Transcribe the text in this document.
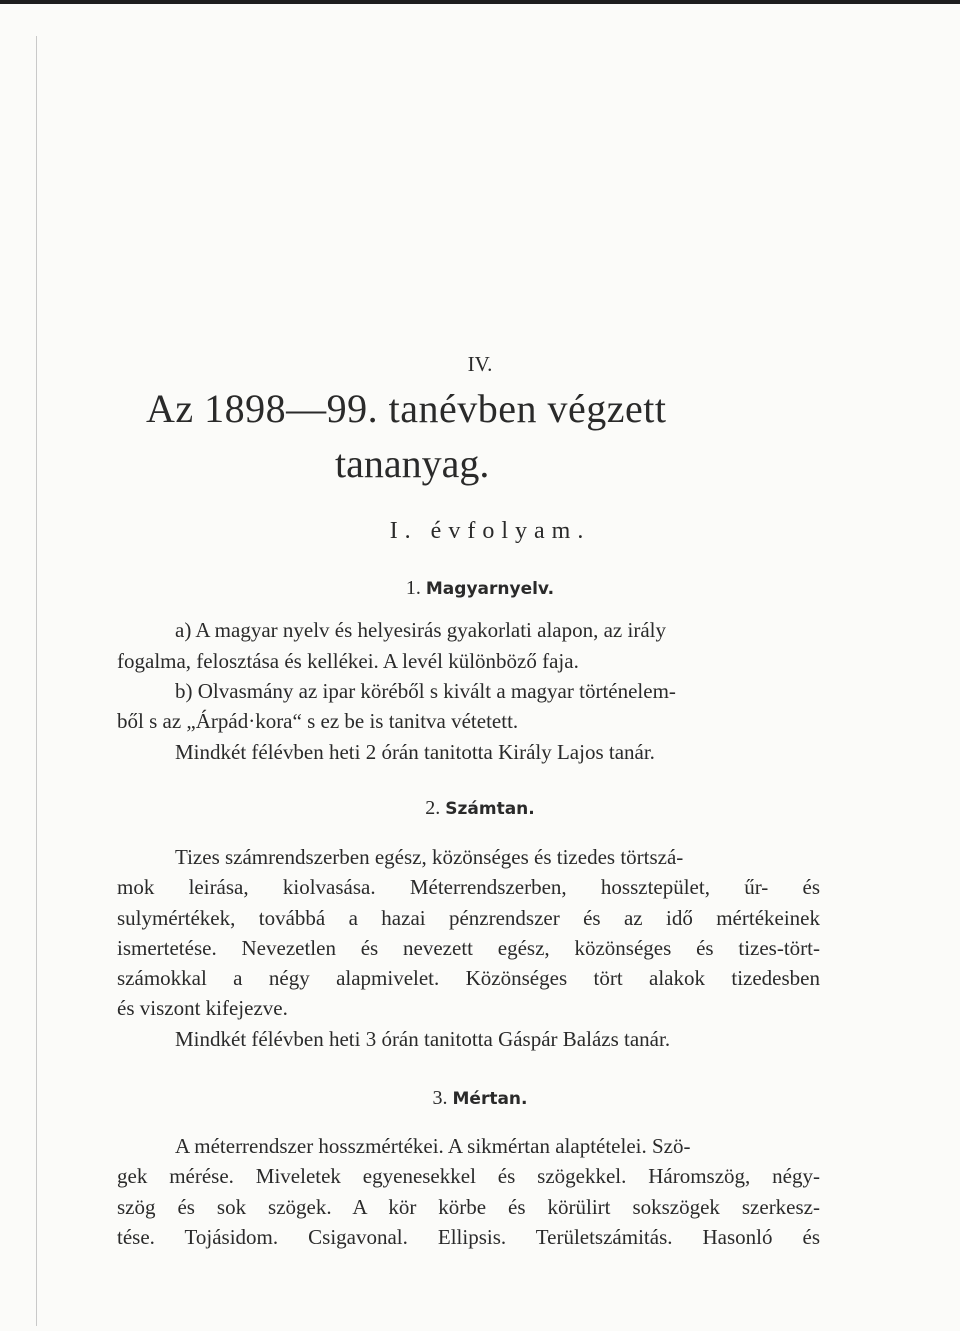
IV.
Az 1898—99. tanévben végzett
tananyag.
I. évfolyam.
1. Magyarnyelv.
a) A magyar nyelv és helyesirás gyakorlati alapon, az irály
fogalma, felosztása és kellékei. A levél különböző faja.
b) Olvasmány az ipar köréből s kivált a magyar történelem-
ből s az „Árpád·kora“ s ez be is tanitva vétetett.
Mindkét félévben heti 2 órán tanitotta Király Lajos tanár.
2. Számtan.
Tizes számrendszerben egész, közönséges és tizedes törtszá-
mok leirása, kiolvasása. Méterrendszerben, hossztерület, űr- és
sulymértékek, továbbá a hazai pénzrendszer és az idő mértékeinek
ismertetése. Nevezetlen és nevezett egész, közönséges és tizes-tört-
számokkal a négy alapmivelet. Közönséges tört alakok tizedesben
és viszont kifejezve.
Mindkét félévben heti 3 órán tanitotta Gáspár Balázs tanár.
3. Mértan.
A méterrendszer hosszmértékei. A sikmértan alaptételei. Szö-
gek mérése. Miveletek egyenesekkel és szögekkel. Háromszög, négy-
szög és sok szögek. A kör körbe és körülirt sokszögek szerkesz-
tése. Tojásidom. Csigavonal. Ellipsis. Területszámitás. Hasonló és
